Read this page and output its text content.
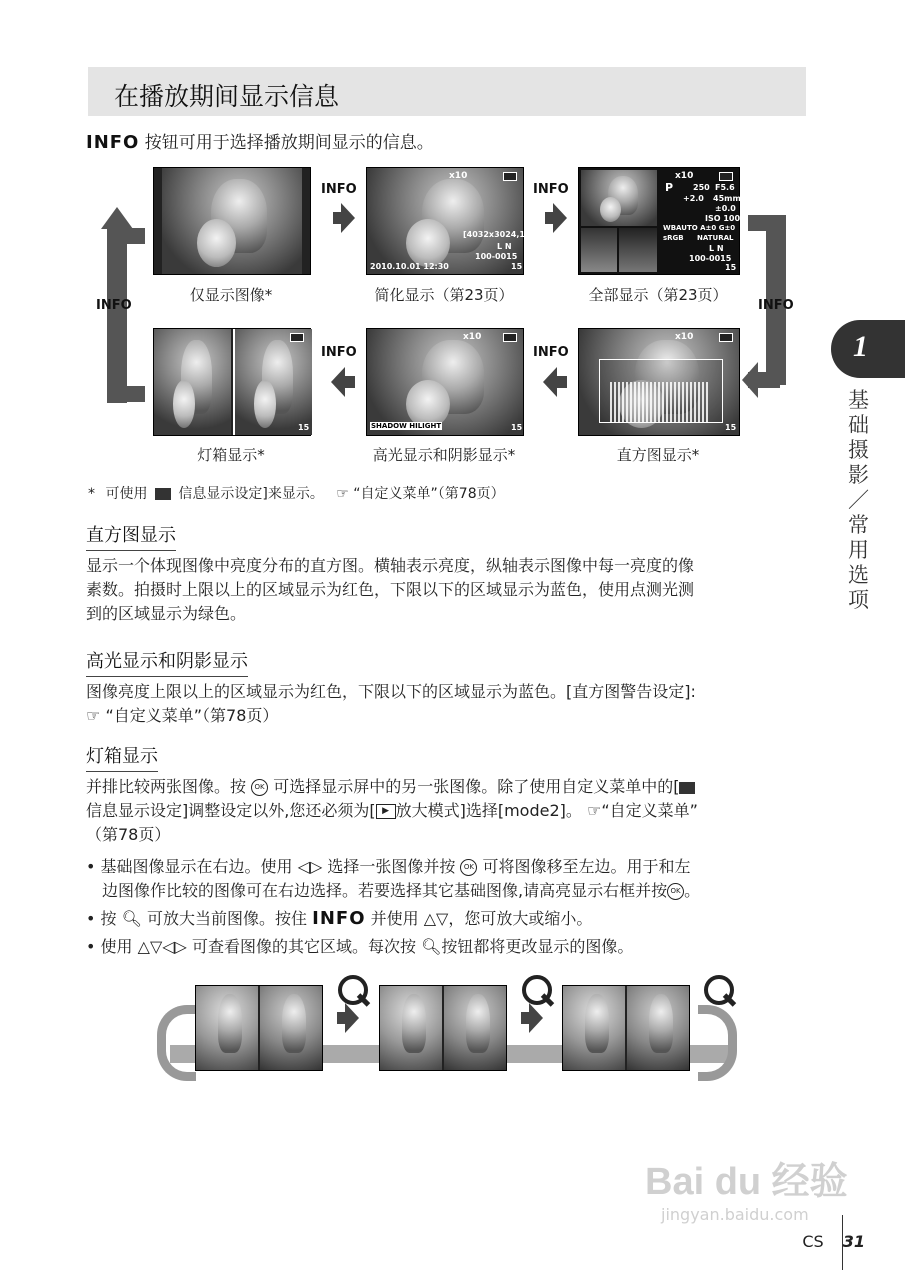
在播放期间显示信息
INFO 按钮可用于选择播放期间显示的信息。
INFO	INFO
仅显示图像*
INFO
x10
[4032x3024,1/8]
L N
100-0015
2010.10.01 12:30	15
简化显示（第23页）
INFO
x10
P 250 F5.6
+2.0 45mm
±0.0
ISO 100
WBAUTO A±0 G±0
sRGB NATURAL
L N
100-0015
15
全部显示（第23页）
15
灯箱显示*
INFO
x10
SHADOW HILIGHT	15
高光显示和阴影显示*
INFO
x10
15
直方图显示*
* 可使用 信息显示设定]来显示。 ☞ “自定义菜单”（第78页）
直方图显示
显示一个体现图像中亮度分布的直方图。横轴表示亮度，纵轴表示图像中每一亮度的像
素数。拍摄时上限以上的区域显示为红色，下限以下的区域显示为蓝色，使用点测光测
到的区域显示为绿色。
高光显示和阴影显示
图像亮度上限以上的区域显示为红色，下限以下的区域显示为蓝色。[直方图警告设定]:
☞ “自定义菜单”（第78页）
灯箱显示
并排比较两张图像。按 OK 可选择显示屏中的另一张图像。除了使用自定义菜单中的[
信息显示设定]调整设定以外,您还必须为[ ▶ 放大模式]选择[mode2]。 ☞“自定义菜单”
（第78页）
• 基础图像显示在右边。使用 ◁▷ 选择一张图像并按 OK 可将图像移至左边。用于和左
边图像作比较的图像可在右边选择。若要选择其它基础图像,请高亮显示右框并按 OK 。
• 按 🔍︎ 可放大当前图像。按住 INFO 并使用 △▽，您可放大或缩小。
• 使用 △▽◁▷ 可查看图像的其它区域。每次按 🔍︎按钮都将更改显示的图像。
1
基础摄影／常用选项
Bai du 经验
jingyan.baidu.com
CS 31
